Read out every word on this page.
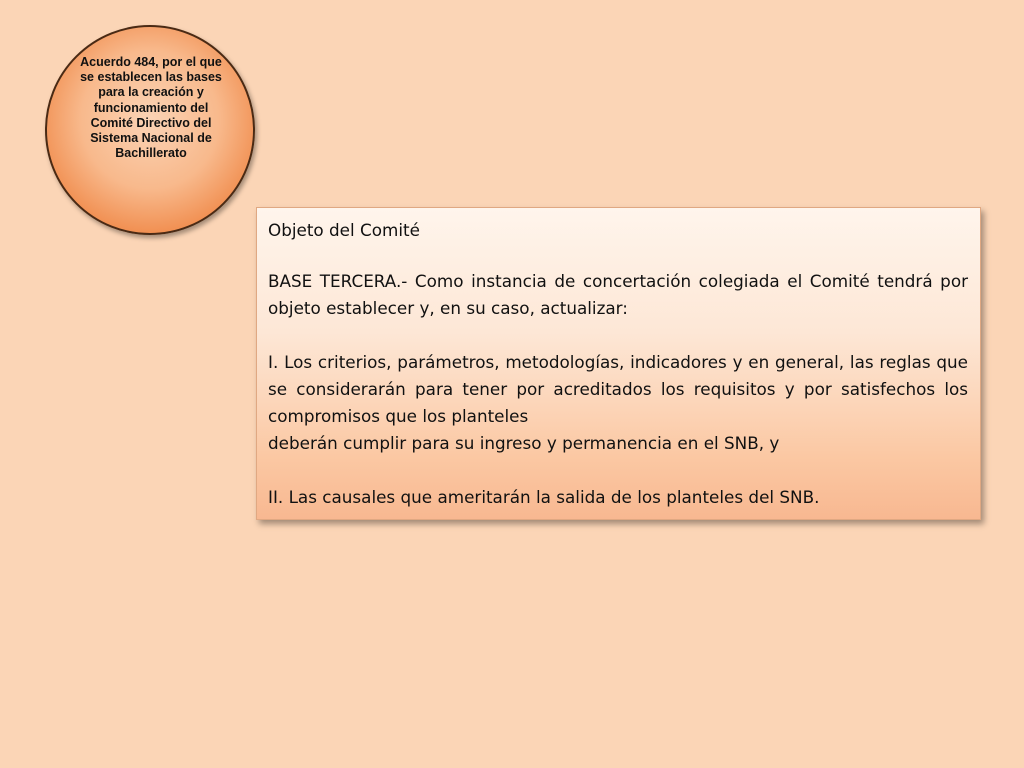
Acuerdo 484, por el que se establecen las bases para la creación y funcionamiento del Comité Directivo del Sistema Nacional de Bachillerato
Objeto del Comité
BASE TERCERA.- Como instancia de concertación colegiada el Comité tendrá por objeto establecer y, en su caso, actualizar:
I. Los criterios, parámetros, metodologías, indicadores y en general, las reglas que se considerarán para tener por acreditados los requisitos y por satisfechos los compromisos que los planteles
deberán cumplir para su ingreso y permanencia en el SNB, y
II. Las causales que ameritarán la salida de los planteles del SNB.
